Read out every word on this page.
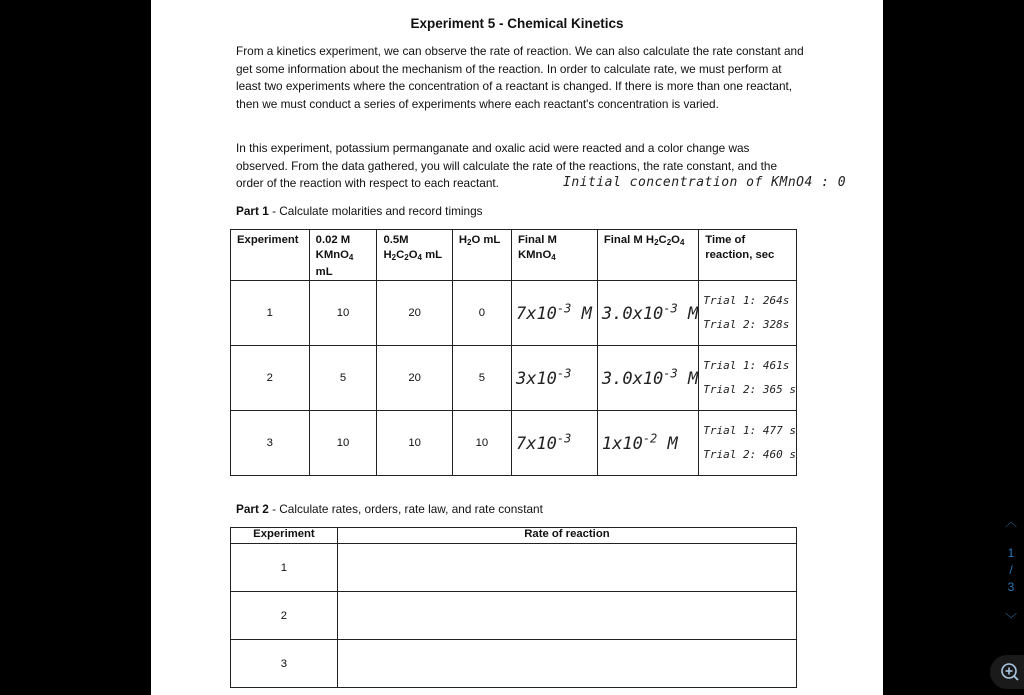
Experiment 5 - Chemical Kinetics
From a kinetics experiment, we can observe the rate of reaction. We can also calculate the rate constant and get some information about the mechanism of the reaction. In order to calculate rate, we must perform at least two experiments where the concentration of a reactant is changed. If there is more than one reactant, then we must conduct a series of experiments where each reactant's concentration is varied.
In this experiment, potassium permanganate and oxalic acid were reacted and a color change was observed. From the data gathered, you will calculate the rate of the reactions, the rate constant, and the order of the reaction with respect to each reactant.	Initial concentration of KMnO4 : 0
Part 1 - Calculate molarities and record timings
Experiment	0.02 M KMnO$_4$ mL	0.5M $H_2C_2O_4$ mL	$H_2O$ mL	Final M KMnO$_4$	Final M $H_2C_2O_4$	Time of reaction, sec
1	10	20	0	$7x10^{-3}$ M	$3.0x10^{-3}$ M	Trial 1: 264s
Trial 2: 328s

2	5	20	5	$3x10^{-3}$	$3.0x10^{-3}$ M	Trial 1: 461s
Trial 2: 365 s

3	10	10	10	$7x10^{-3}$	$1x10^{-2}$ M	Trial 1: 477 s
Trial 2: 460 s
Part 2 - Calculate rates, orders, rate law, and rate constant
Experiment	Rate of reaction
1	
2	
3	
︿
1
/
3
﹀
